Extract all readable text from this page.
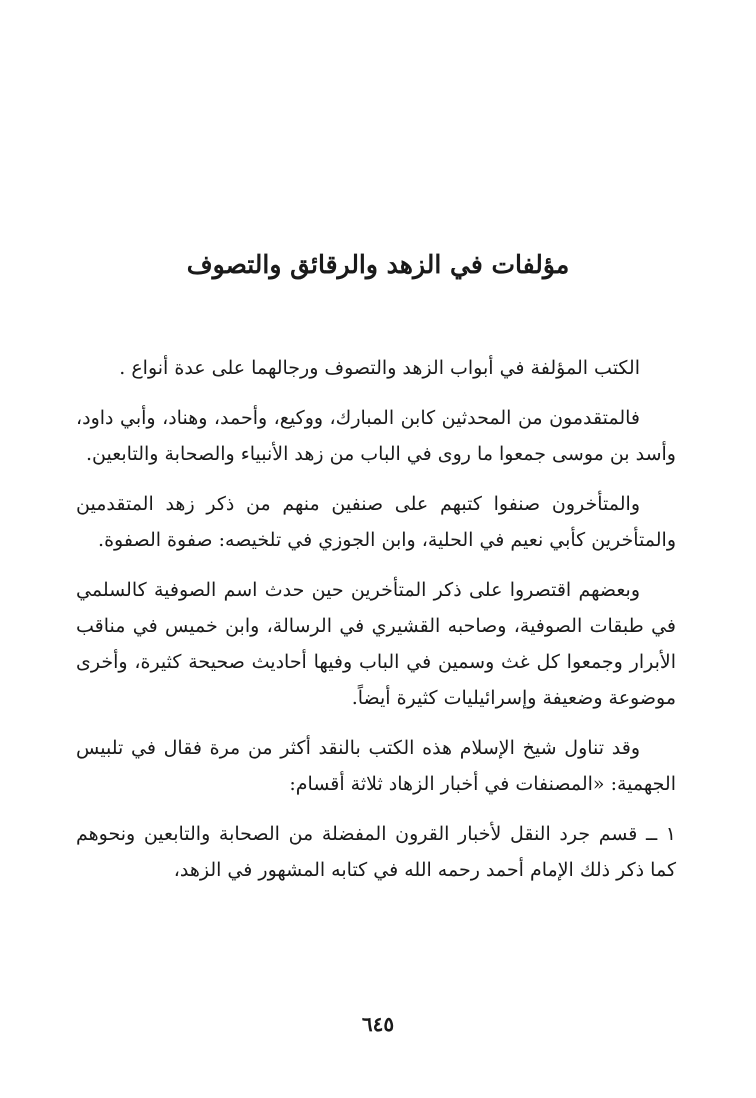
مؤلفات في الزهد والرقائق والتصوف

الكتب المؤلفة في أبواب الزهد والتصوف ورجالهما على عدة أنواع .

فالمتقدمون من المحدثين كابن المبارك، ووكيع، وأحمد، وهناد، وأبي داود، وأسد بن موسى جمعوا ما روى في الباب من زهد الأنبياء والصحابة والتابعين.

والمتأخرون صنفوا كتبهم على صنفين منهم من ذكر زهد المتقدمين والمتأخرين كأبي نعيم في الحلية، وابن الجوزي في تلخيصه: صفوة الصفوة.

وبعضهم اقتصروا على ذكر المتأخرين حين حدث اسم الصوفية كالسلمي في طبقات الصوفية، وصاحبه القشيري في الرسالة، وابن خميس في مناقب الأبرار وجمعوا كل غث وسمين في الباب وفيها أحاديث صحيحة كثيرة، وأخرى موضوعة وضعيفة وإسرائيليات كثيرة أيضاً.

وقد تناول شيخ الإسلام هذه الكتب بالنقد أكثر من مرة فقال في تلبيس الجهمية: «المصنفات في أخبار الزهاد ثلاثة أقسام:

١ ــ قسم جرد النقل لأخبار القرون المفضلة من الصحابة والتابعين ونحوهم كما ذكر ذلك الإمام أحمد رحمه الله في كتابه المشهور في الزهد،

٦٤٥
